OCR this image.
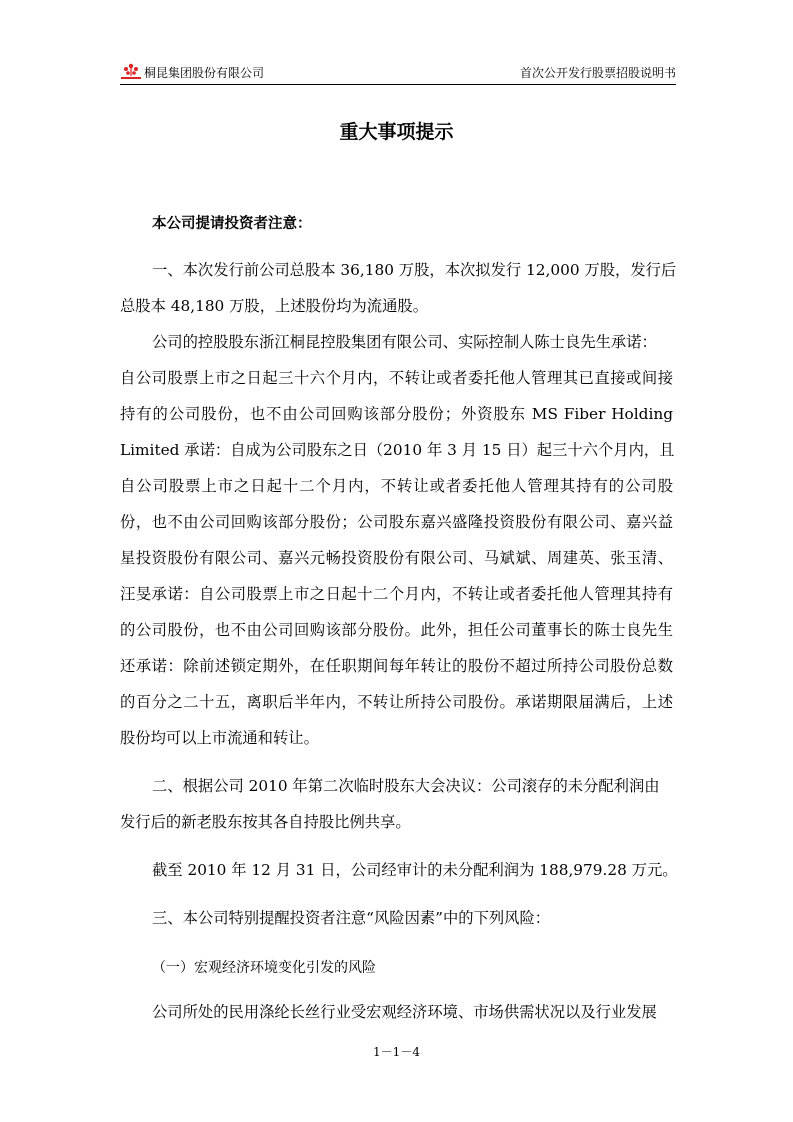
桐昆集团股份有限公司	首次公开发行股票招股说明书
重大事项提示
本公司提请投资者注意：
一、本次发行前公司总股本 36,180 万股，本次拟发行 12,000 万股，发行后
总股本 48,180 万股，上述股份均为流通股。
公司的控股股东浙江桐昆控股集团有限公司、实际控制人陈士良先生承诺：
自公司股票上市之日起三十六个月内，不转让或者委托他人管理其已直接或间接
持有的公司股份，也不由公司回购该部分股份；外资股东 MS Fiber Holding
Limited 承诺：自成为公司股东之日（2010 年 3 月 15 日）起三十六个月内，且
自公司股票上市之日起十二个月内，不转让或者委托他人管理其持有的公司股
份，也不由公司回购该部分股份；公司股东嘉兴盛隆投资股份有限公司、嘉兴益
星投资股份有限公司、嘉兴元畅投资股份有限公司、马斌斌、周建英、张玉清、
汪旻承诺：自公司股票上市之日起十二个月内，不转让或者委托他人管理其持有
的公司股份，也不由公司回购该部分股份。此外，担任公司董事长的陈士良先生
还承诺：除前述锁定期外，在任职期间每年转让的股份不超过所持公司股份总数
的百分之二十五，离职后半年内，不转让所持公司股份。承诺期限届满后，上述
股份均可以上市流通和转让。
二、根据公司 2010 年第二次临时股东大会决议：公司滚存的未分配利润由
发行后的新老股东按其各自持股比例共享。
截至 2010 年 12 月 31 日，公司经审计的未分配利润为 188,979.28 万元。
三、本公司特别提醒投资者注意“风险因素”中的下列风险：
（一）宏观经济环境变化引发的风险
公司所处的民用涤纶长丝行业受宏观经济环境、市场供需状况以及行业发展
1－1－4
